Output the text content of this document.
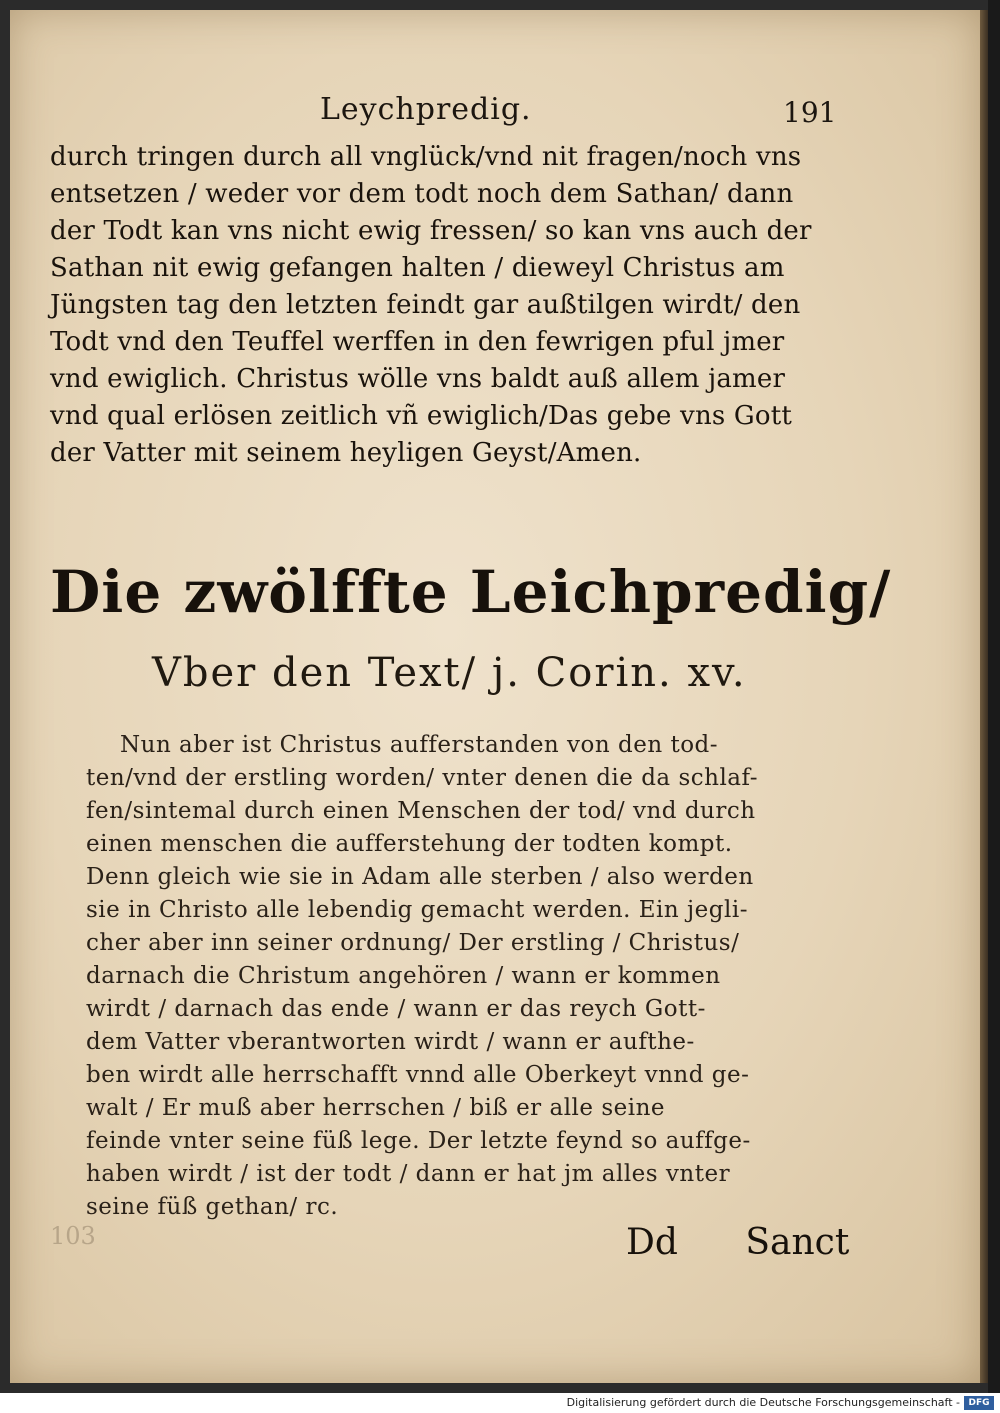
Leychpredig.	191
durch tringen durch all vnglück/vnd nit fragen/noch vns
entsetzen / weder vor dem todt noch dem Sathan/ dann
der Todt kan vns nicht ewig fressen/ so kan vns auch der
Sathan nit ewig gefangen halten / dieweyl Christus am
Jüngsten tag den letzten feindt gar außtilgen wirdt/ den
Todt vnd den Teuffel werffen in den fewrigen pful jmer
vnd ewiglich. Christus wölle vns baldt auß allem jamer
vnd qual erlösen zeitlich vñ ewiglich/Das gebe vns Gott
der Vatter mit seinem heyligen Geyst/Amen.
Die zwölffte Leichpredig/
Vber den Text/ j. Corin. xv.
Nun aber ist Christus aufferstanden von den tod-
ten/vnd der erstling worden/ vnter denen die da schlaf-
fen/sintemal durch einen Menschen der tod/ vnd durch
einen menschen die aufferstehung der todten kompt.
Denn gleich wie sie in Adam alle sterben / also werden
sie in Christo alle lebendig gemacht werden. Ein jegli-
cher aber inn seiner ordnung/ Der erstling / Christus/
darnach die Christum angehören / wann er kommen
wirdt / darnach das ende / wann er das reych Gott-
dem Vatter vberantworten wirdt / wann er aufthe-
ben wirdt alle herrschafft vnnd alle Oberkeyt vnnd ge-
walt / Er muß aber herrschen / biß er alle seine
feinde vnter seine füß lege. Der letzte feynd so auffge-
haben wirdt / ist der todt / dann er hat jm alles vnter
seine füß gethan/ rc.
103	Dd Sanct
Digitalisierung gefördert durch die Deutsche Forschungsgemeinschaft - DFG
